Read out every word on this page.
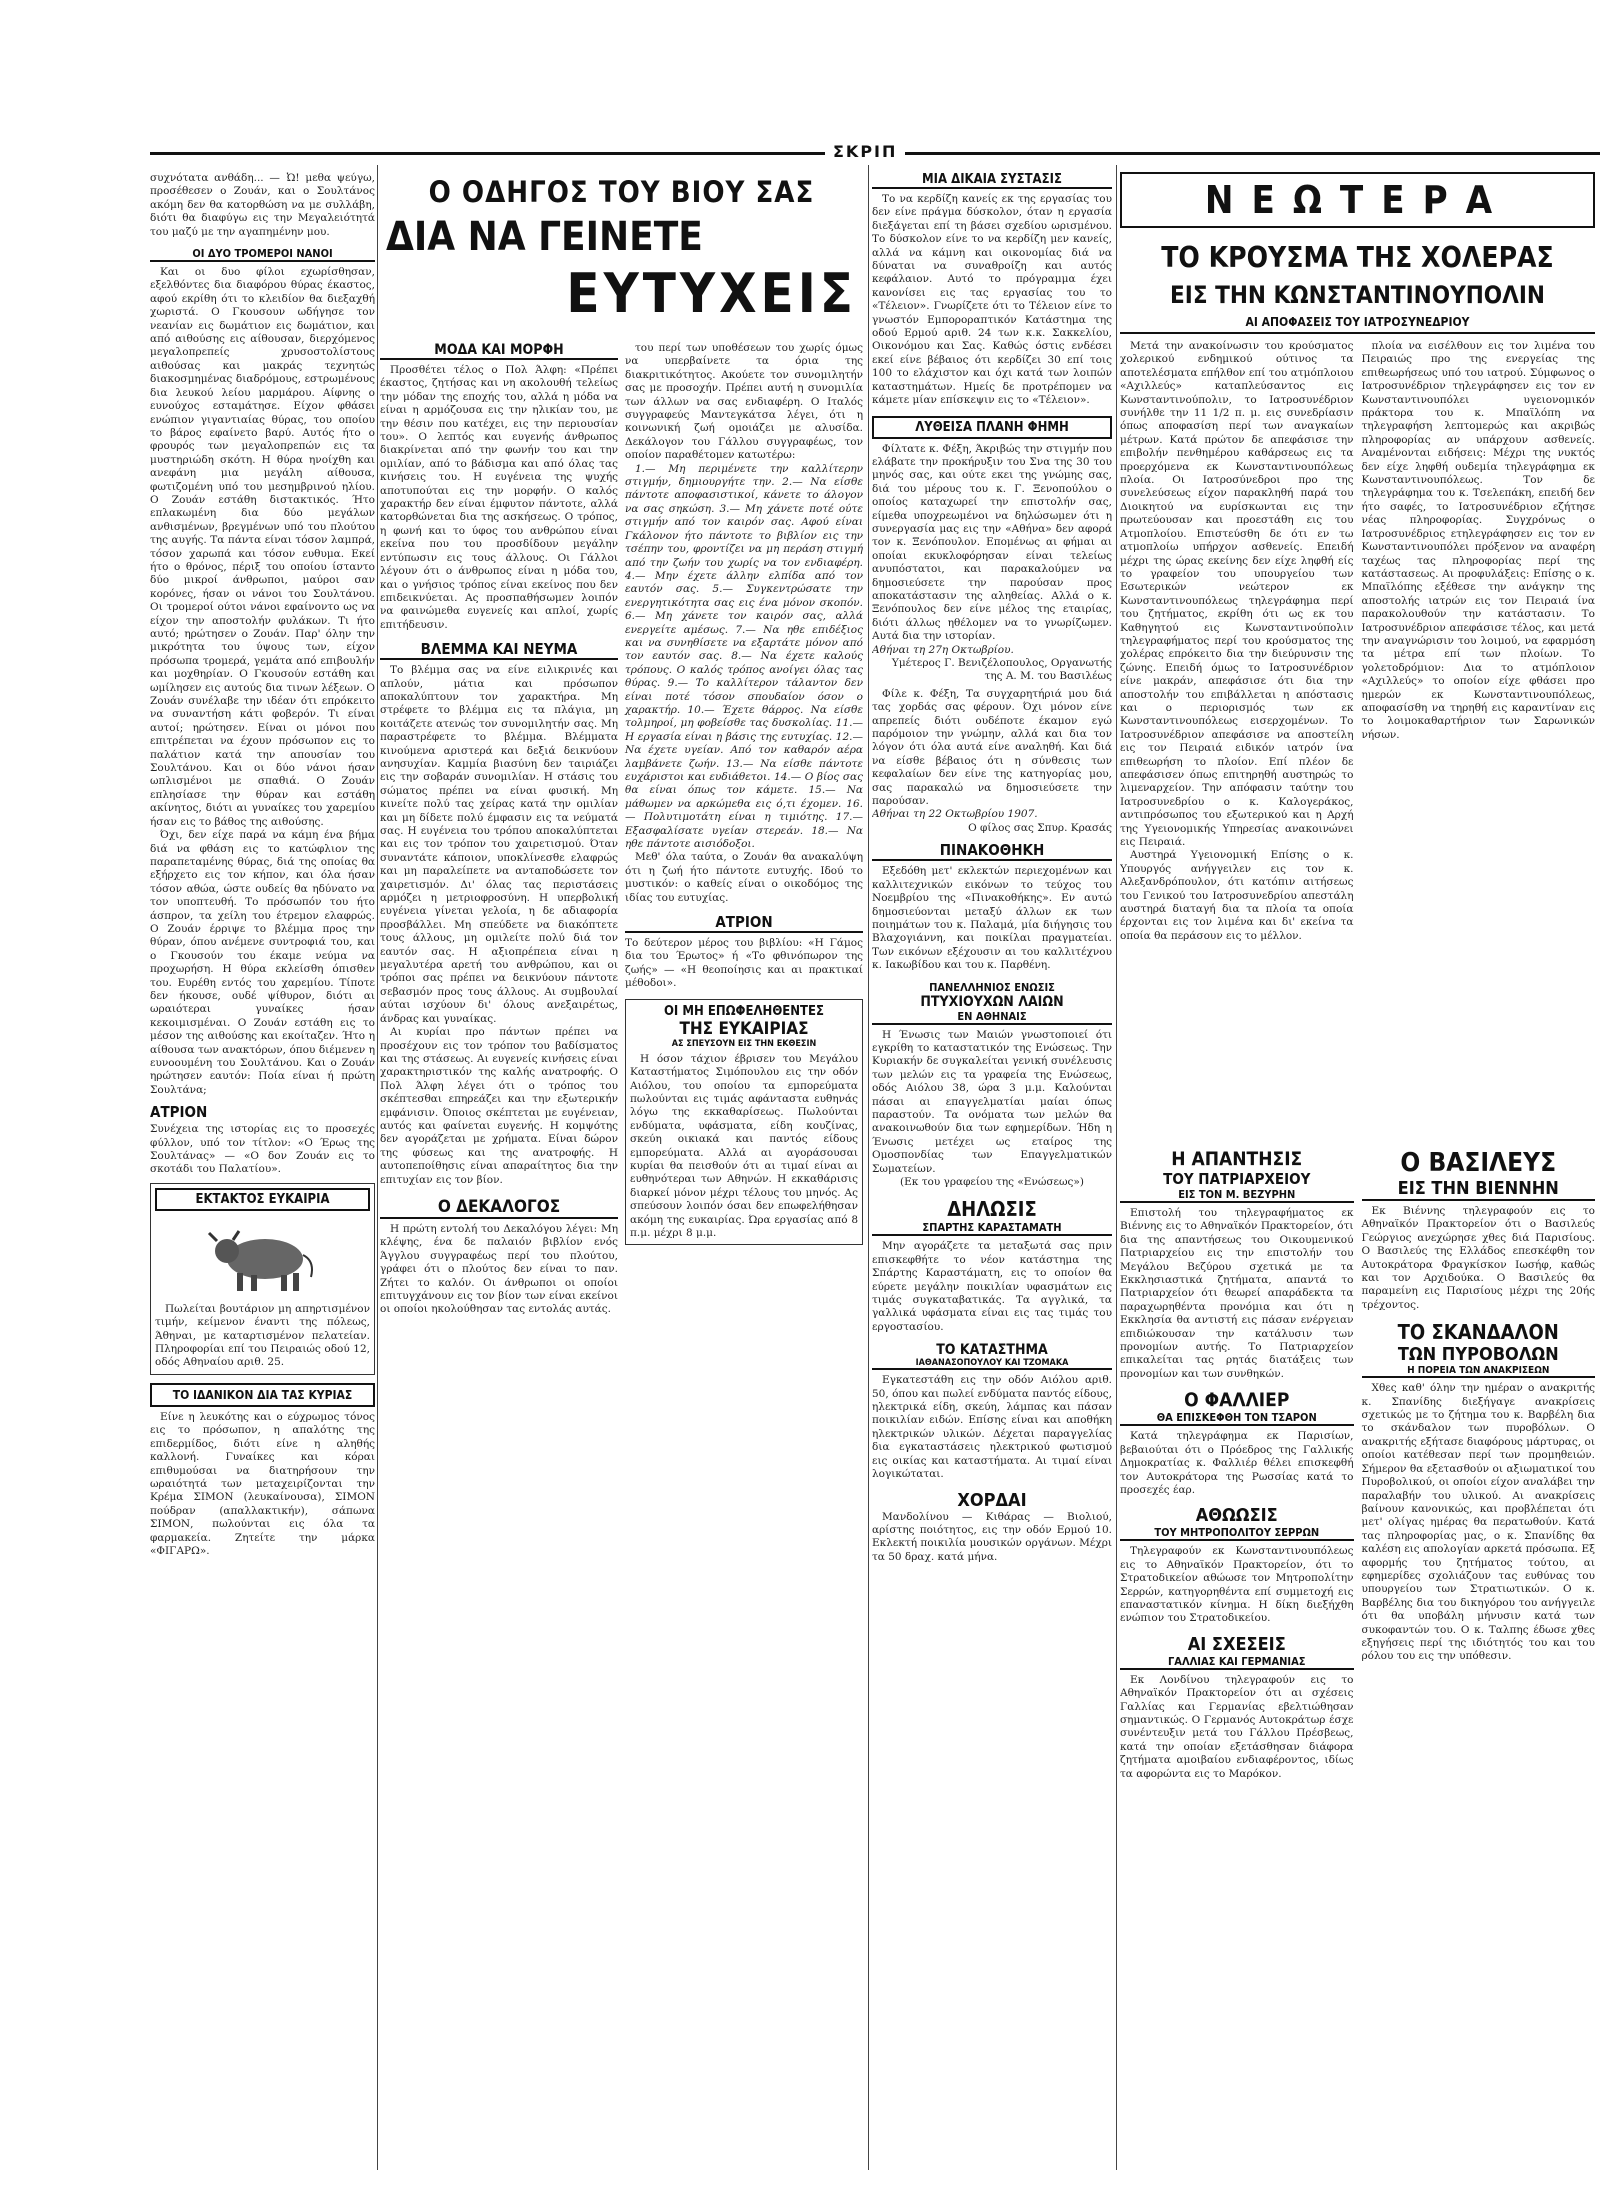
ΣΚΡΙΠ

συχνότατα ανθάδη... — Ὦ! μεθα ψεύγω, προσέθεσεν ο Ζουάν, και ο Σουλτάνος ακόμη δεν θα κατορθώση να με συλλάβη, διότι θα διαφύγω εις την Μεγαλειότητά του μαζύ με την αγαπημένην μου.

ΟΙ ΔΥΟ ΤΡΟΜΕΡΟΙ ΝΑΝΟΙ

Και οι δυο φίλοι εχωρίσθησαν, εξελθόντες δια διαφόρου θύρας έκαστος, αφού εκρίθη ότι το κλειδίον θα διεξαχθή χωριστά. Ο Γκουσουν ωδήγησε τον νεανίαν εις δωμάτιον εις δωμάτιον, και από αιθούσης εις αίθουσαν, διερχόμενος μεγαλοπρεπείς χρυσοστολίστους αιθούσας και μακράς τεχνητώς διακοσμημένας διαδρόμους, εστρωμένους δια λευκού λείου μαρμάρου. Αίφνης ο ευνούχος εσταμάτησε. Είχον φθάσει ενώπιον γιγαντιαίας θύρας, του οποίου το βάρος εφαίνετο βαρύ. Αυτός ήτο ο φρουρός των μεγαλοπρεπών εις τα μυστηριώδη σκότη. Η θύρα ηνοίχθη και ανεφάνη μια μεγάλη αίθουσα, φωτιζομένη υπό του μεσημβρινού ηλίου. Ο Ζουάν εστάθη διστακτικός. Ήτο επλακωμένη δια δύο μεγάλων ανθισμένων, βρεγμένων υπό του πλούτου της αυγής. Τα πάντα είναι τόσον λαμπρά, τόσον χαρωπά και τόσον ευθυμα. Εκεί ήτο ο θρόνος, πέριξ του οποίου ίσταντο δύο μικροί άνθρωποι, μαύροι σαν κορόνες, ήσαν οι νάνοι του Σουλτάνου. Οι τρομεροί ούτοι νάνοι εφαίνοντο ως να είχον την αποστολήν φυλάκων. Τι ήτο αυτό; ηρώτησεν ο Ζουάν. Παρ' όλην την μικρότητα του ύψους των, είχον πρόσωπα τρομερά, γεμάτα από επιβουλήν και μοχθηρίαν. Ο Γκουσούν εστάθη και ωμίλησεν εις αυτούς δια τινων λέξεων. Ο Ζουάν συνέλαβε την ιδέαν ότι επρόκειτο να συναντήση κάτι φοβερόν. Τι είναι αυτοί; ηρώτησεν. Είναι οι μόνοι που επιτρέπεται να έχουν πρόσωπον εις το παλάτιον κατά την απουσίαν του Σουλτάνου. Και οι δύο νάνοι ήσαν ωπλισμένοι με σπαθιά. Ο Ζουάν επλησίασε την θύραν και εστάθη ακίνητος, διότι αι γυναίκες του χαρεμίου ήσαν εις το βάθος της αιθούσης.

Όχι, δεν είχε παρά να κάμη ένα βήμα διά να φθάση εις το κατώφλιον της παραπεταμένης θύρας, διά της οποίας θα εξήρχετο εις τον κήπον, και όλα ήσαν τόσον αθώα, ώστε ουδείς θα ηδύνατο να τον υποπτευθή. Το πρόσωπόν του ήτο άσπρον, τα χείλη του έτρεμον ελαφρώς. Ο Ζουάν έρριψε το βλέμμα προς την θύραν, όπου ανέμενε συντροφιά του, και ο Γκουσούν του έκαμε νεύμα να προχωρήση. Η θύρα εκλείσθη όπισθεν του. Ευρέθη εντός του χαρεμίου. Τίποτε δεν ήκουσε, ουδέ ψίθυρον, διότι αι ωραιότεραι γυναίκες ήσαν κεκοιμισμέναι. Ο Ζουάν εστάθη εις το μέσον της αιθούσης και εκοίταζεν. Ήτο η αίθουσα των ανακτόρων, όπου διέμενεν η ευνοουμένη του Σουλτάνου. Και ο Ζουάν ηρώτησεν εαυτόν: Ποία είναι ή πρώτη Σουλτάνα;

ΑΤΡΙΟΝ

Συνέχεια της ιστορίας εις το προσεχές φύλλον, υπό τον τίτλον: «Ο Έρως της Σουλτάνας» — «Ο δον Ζουάν εις το σκοτάδι του Παλατίου».

ΕΚΤΑΚΤΟΣ ΕΥΚΑΙΡΙΑ

Πωλείται βουτάριον μη απηρτισμένον τιμήν, κείμενον έναντι της πόλεως, Άθηναι, με καταρτισμένον πελατείαν. Πληροφορίαι επί του Πειραιώς οδού 12, οδός Αθηναίου αριθ. 25.

ΤΟ ΙΔΑΝΙΚΟΝ ΔΙΑ ΤΑΣ ΚΥΡΙΑΣ

Είνε η λευκότης και ο εύχρωμος τόνος εις το πρόσωπον, η απαλότης της επιδερμίδος, διότι είνε η αληθής καλλονή. Γυναίκες και κόραι επιθυμούσαι να διατηρήσουν την ωραιότητά των μεταχειρίζονται την Κρέμα ΣΙΜΟΝ (λευκαίνουσα), ΣΙΜΟΝ πούδραν (απαλλακτικήν), σάπωνα ΣΙΜΟΝ, πωλούνται εις όλα τα φαρμακεία. Ζητείτε την μάρκα «ΦΙΓΑΡΩ».

Ο ΟΔΗΓΟΣ ΤΟΥ ΒΙΟΥ ΣΑΣ
ΔΙΑ ΝΑ ΓΕΙΝΕΤΕ
ΕΥΤΥΧΕΙΣ
ΜΟΔΑ ΚΑΙ ΜΟΡΦΗ

Προσθέτει τέλος ο Πολ Άλφη: «Πρέπει έκαστος, ζητήσας και νη ακολουθή τελείως την μόδαν της εποχής του, αλλά η μόδα να είναι η αρμόζουσα εις την ηλικίαν του, με την θέσιν που κατέχει, εις την περιουσίαν του». Ο λεπτός και ευγενής άνθρωπος διακρίνεται από την φωνήν του και την ομιλίαν, από το βάδισμα και από όλας τας κινήσεις του. Η ευγένεια της ψυχής αποτυπούται εις την μορφήν. Ο καλός χαρακτήρ δεν είναι έμφυτον πάντοτε, αλλά κατορθώνεται δια της ασκήσεως. Ο τρόπος, η φωνή και το ύφος του ανθρώπου είναι εκείνα που του προσδίδουν μεγάλην εντύπωσιν εις τους άλλους. Οι Γάλλοι λέγουν ότι ο άνθρωπος είναι η μόδα του, και ο γνήσιος τρόπος είναι εκείνος που δεν επιδεικνύεται. Ας προσπαθήσωμεν λοιπόν να φαινώμεθα ευγενείς και απλοί, χωρίς επιτήδευσιν.

ΒΛΕΜΜΑ ΚΑΙ ΝΕΥΜΑ

Το βλέμμα σας να είνε ειλικρινές και απλούν, μάτια και πρόσωπον αποκαλύπτουν τον χαρακτήρα. Μη στρέφετε το βλέμμα εις τα πλάγια, μη κοιτάζετε ατενώς τον συνομιλητήν σας. Μη παραστρέφετε το βλέμμα. Βλέμματα κινούμενα αριστερά και δεξιά δεικνύουν ανησυχίαν. Καμμία βιασύνη δεν ταιριάζει εις την σοβαράν συνομιλίαν. Η στάσις του σώματος πρέπει να είναι φυσική. Μη κινείτε πολύ τας χείρας κατά την ομιλίαν και μη δίδετε πολύ έμφασιν εις τα νεύματά σας. Η ευγένεια του τρόπου αποκαλύπτεται και εις τον τρόπον του χαιρετισμού. Όταν συναντάτε κάποιον, υποκλίνεσθε ελαφρώς και μη παραλείπετε να ανταποδώσετε τον χαιρετισμόν. Δι' όλας τας περιστάσεις αρμόζει η μετριοφροσύνη. Η υπερβολική ευγένεια γίνεται γελοία, η δε αδιαφορία προσβάλλει. Μη σπεύδετε να διακόπτετε τους άλλους, μη ομιλείτε πολύ διά τον εαυτόν σας. Η αξιοπρέπεια είναι η μεγαλυτέρα αρετή του ανθρώπου, και οι τρόποι σας πρέπει να δεικνύουν πάντοτε σεβασμόν προς τους άλλους. Αι συμβουλαί αύται ισχύουν δι' όλους ανεξαιρέτως, άνδρας και γυναίκας.

Αι κυρίαι προ πάντων πρέπει να προσέχουν εις τον τρόπον του βαδίσματος και της στάσεως. Αι ευγενείς κινήσεις είναι χαρακτηριστικόν της καλής ανατροφής. Ο Πολ Άλφη λέγει ότι ο τρόπος του σκέπτεσθαι επηρεάζει και την εξωτερικήν εμφάνισιν. Όποιος σκέπτεται με ευγένειαν, αυτός και φαίνεται ευγενής. Η κομψότης δεν αγοράζεται με χρήματα. Είναι δώρον της φύσεως και της ανατροφής. Η αυτοπεποίθησις είναι απαραίτητος δια την επιτυχίαν εις τον βίον.

Ο ΔΕΚΑΛΟΓΟΣ

Η πρώτη εντολή του Δεκαλόγου λέγει: Μη κλέψης, ένα δε παλαιόν βιβλίον ενός Άγγλου συγγραφέως περί του πλούτου, γράφει ότι ο πλούτος δεν είναι το παν. Ζήτει το καλόν. Οι άνθρωποι οι οποίοι επιτυγχάνουν εις τον βίον των είναι εκείνοι οι οποίοι ηκολούθησαν τας εντολάς αυτάς.

του περί των υποθέσεων του χωρίς όμως να υπερβαίνετε τα όρια της διακριτικότητος. Ακούετε τον συνομιλητήν σας με προσοχήν. Πρέπει αυτή η συνομιλία των άλλων να σας ενδιαφέρη. Ο Ιταλός συγγραφεύς Μαντεγκάτσα λέγει, ότι η κοινωνική ζωή ομοιάζει με αλυσίδα. Δεκάλογον του Γάλλου συγγραφέως, τον οποίον παραθέτομεν κατωτέρω:

1.— Μη περιμένετε την καλλίτερην στιγμήν, δημιουργήτε την. 2.— Να είσθε πάντοτε αποφασιστικοί, κάνετε το άλογον να σας σηκώση. 3.— Μη χάνετε ποτέ ούτε στιγμήν από τον καιρόν σας. Αφού είναι Γκάλονον ήτο πάντοτε το βιβλίον εις την τσέπην του, φροντίζει να μη περάση στιγμή από την ζωήν του χωρίς να τον ενδιαφέρη. 4.— Μην έχετε άλλην ελπίδα από τον εαυτόν σας. 5.— Συγκεντρώσατε την ενεργητικότητα σας εις ένα μόνον σκοπόν. 6.— Μη χάνετε τον καιρόν σας, αλλά ενεργείτε αμέσως. 7.— Να ηθε επιδέξιος και να συνηθίσετε να εξαρτάτε μόνον από τον εαυτόν σας. 8.— Να έχετε καλούς τρόπους. Ο καλός τρόπος ανοίγει όλας τας θύρας. 9.— Το καλλίτερον τάλαντον δεν είναι ποτέ τόσον σπουδαίον όσον ο χαρακτήρ. 10.— Έχετε θάρρος. Να είσθε τολμηροί, μη φοβείσθε τας δυσκολίας. 11.— Η εργασία είναι η βάσις της ευτυχίας. 12.— Να έχετε υγείαν. Από τον καθαρόν αέρα λαμβάνετε ζωήν. 13.— Να είσθε πάντοτε ευχάριστοι και ευδιάθετοι. 14.— Ο βίος σας θα είναι όπως τον κάμετε. 15.— Να μάθωμεν να αρκώμεθα εις ό,τι έχομεν. 16.— Πολυτιμοτάτη είναι η τιμιότης. 17.— Εξασφαλίσατε υγείαν στερεάν. 18.— Να ηθε πάντοτε αισιόδοξοι.

Μεθ' όλα ταύτα, ο Ζουάν θα ανακαλύψη ότι η ζωή ήτο πάντοτε ευτυχής. Ιδού το μυστικόν: ο καθείς είναι ο οικοδόμος της ιδίας του ευτυχίας.

ΑΤΡΙΟΝ

Το δεύτερον μέρος του βιβλίου: «Η Γάμος δια του Έρωτος» ή «Το φθινόπωρον της ζωής» — «Η θεοποίησις και αι πρακτικαί μέθοδοι».

ΟΙ ΜΗ ΕΠΩΦΕΛΗΘΕΝΤΕΣ
ΤΗΣ ΕΥΚΑΙΡΙΑΣ
ΑΣ ΣΠΕΥΣΟΥΝ ΕΙΣ ΤΗΝ ΕΚΘΕΣΙΝ

Η όσον τάχιον έβρισεν του Μεγάλου Καταστήματος Σιμόπουλου εις την οδόν Αιόλου, του οποίου τα εμπορεύματα πωλούνται εις τιμάς αφάνταστα ευθηνάς λόγω της εκκαθαρίσεως. Πωλούνται ενδύματα, υφάσματα, είδη κουζίνας, σκεύη οικιακά και παντός είδους εμπορεύματα. Αλλά αι αγοράσουσαι κυρίαι θα πεισθούν ότι αι τιμαί είναι αι ευθηνότεραι των Αθηνών. Η εκκαθάρισις διαρκεί μόνον μέχρι τέλους του μηνός. Ας σπεύσουν λοιπόν όσαι δεν επωφελήθησαν ακόμη της ευκαιρίας. Ώρα εργασίας από 8 π.μ. μέχρι 8 μ.μ.

ΜΙΑ ΔΙΚΑΙΑ ΣΥΣΤΑΣΙΣ

Το να κερδίζη κανείς εκ της εργασίας του δεν είνε πράγμα δύσκολον, όταν η εργασία διεξάγεται επί τη βάσει σχεδίου ωρισμένου. Το δύσκολον είνε το να κερδίζη μεν κανείς, αλλά να κάμνη και οικονομίας διά να δύναται να συναθροίζη και αυτός κεφάλαιον. Αυτό το πρόγραμμα έχει κανονίσει εις τας εργασίας του το «Τέλειον». Γνωρίζετε ότι το Τέλειον είνε το γνωστόν Εμποροραπτικόν Κατάστημα της οδού Ερμού αριθ. 24 των κ.κ. Σακκελίου, Οικονόμου και Σας. Καθώς όστις ενδέσει εκεί είνε βέβαιος ότι κερδίζει 30 επί τοις 100 το ελάχιστον και όχι κατά των λοιπών καταστημάτων. Ημείς δε προτρέπομεν να κάμετε μίαν επίσκεψιν εις το «Τέλειον».

ΛΥΘΕΙΣΑ ΠΛΑΝΗ ΦΗΜΗ

Φίλτατε κ. Φέξη, Άκριβώς την στιγμήν που ελάβατε την προκήρυξιν του Σνα της 30 του μηνός σας, και ούτε εκει της γνώμης σας, διά του μέρους του κ. Γ. Ξενοπούλου ο οποίος καταχωρεί την επιστολήν σας, είμεθα υποχρεωμένοι να δηλώσωμεν ότι η συνεργασία μας εις την «Αθήνα» δεν αφορά τον κ. Ξενόπουλον. Επομένως αι φήμαι αι οποίαι εκυκλοφόρησαν είναι τελείως ανυπόστατοι, και παρακαλούμεν να δημοσιεύσετε την παρούσαν προς αποκατάστασιν της αληθείας. Αλλά ο κ. Ξενόπουλος δεν είνε μέλος της εταιρίας, διότι άλλως ηθέλομεν να το γνωρίζωμεν. Αυτά δια την ιστορίαν.

Αθήναι τη 27η Οκτωβρίου.

Υμέτερος Γ. Βενιζέλοπουλος, Οργανωτής της Α. Μ. του Βασιλέως

Φίλε κ. Φέξη, Τα συγχαρητήριά μου διά τας χορδάς σας φέρουν. Όχι μόνον είνε απρεπείς διότι ουδέποτε έκαμον εγώ παρόμοιον την γνώμην, αλλά και δια τον λόγον ότι όλα αυτά είνε αναληθή. Και διά να είσθε βέβαιος ότι η σύνθεσις των κεφαλαίων δεν είνε της κατηγορίας μου, σας παρακαλώ να δημοσιεύσετε την παρούσαν.

Αθήναι τη 22 Οκτωβρίου 1907.

Ο φίλος σας Σπυρ. Κρασάς

ΠΙΝΑΚΟΘΗΚΗ

Εξεδόθη μετ' εκλεκτών περιεχομένων και καλλιτεχνικών εικόνων το τεύχος του Νοεμβρίου της «Πινακοθήκης». Εν αυτώ δημοσιεύονται μεταξύ άλλων εκ των ποιημάτων του κ. Παλαμά, μία διήγησις του Βλαχογιάννη, και ποικίλαι πραγματείαι. Των εικόνων εξέχουσιν αι του καλλιτέχνου κ. Ιακωβίδου και του κ. Παρθένη.

ΠΑΝΕΛΛΗΝΙΟΣ ΕΝΩΣΙΣ
ΠΤΥΧΙΟΥΧΩΝ ΛΑΙΩΝ
ΕΝ ΑΘΗΝΑΙΣ

Η Ένωσις των Μαιών γνωστοποιεί ότι εγκρίθη το καταστατικόν της Ενώσεως. Την Κυριακήν δε συγκαλείται γενική συνέλευσις των μελών εις τα γραφεία της Ενώσεως, οδός Αιόλου 38, ώρα 3 μ.μ. Καλούνται πάσαι αι επαγγελματίαι μαίαι όπως παραστούν. Τα ονόματα των μελών θα ανακοινωθούν δια των εφημερίδων. Ήδη η Ένωσις μετέχει ως εταίρος της Ομοσπονδίας των Επαγγελματικών Σωματείων.

(Εκ του γραφείου της «Ενώσεως»)

ΔΗΛΩΣΙΣ
ΣΠΑΡΤΗΣ ΚΑΡΑΣΤΑΜΑΤΗ

Μην αγοράζετε τα μεταξωτά σας πριν επισκεφθήτε το νέον κατάστημα της Σπάρτης Καραστάματη, εις το οποίον θα εύρετε μεγάλην ποικιλίαν υφασμάτων εις τιμάς συγκαταβατικάς. Τα αγγλικά, τα γαλλικά υφάσματα είναι εις τας τιμάς του εργοστασίου.

ΤΟ ΚΑΤΑΣΤΗΜΑ
ΙΑΘΑΝΑΣΟΠΟΥΛΟΥ ΚΑΙ ΤΖΟΜΑΚΑ

Εγκατεστάθη εις την οδόν Αιόλου αριθ. 50, όπου και πωλεί ενδύματα παντός είδους, ηλεκτρικά είδη, σκεύη, λάμπας και πάσαν ποικιλίαν ειδών. Επίσης είναι και αποθήκη ηλεκτρικών υλικών. Δέχεται παραγγελίας δια εγκαταστάσεις ηλεκτρικού φωτισμού εις οικίας και καταστήματα. Αι τιμαί είναι λογικώταται.

ΧΟΡΔΑΙ

Μανδολίνου — Κιθάρας — Βιολιού, αρίστης ποιότητος, εις την οδόν Ερμού 10. Εκλεκτή ποικιλία μουσικών οργάνων. Μέχρι τα 50 δραχ. κατά μήνα.

ΝΕΩΤΕΡΑ
ΤΟ ΚΡΟΥΣΜΑ ΤΗΣ ΧΟΛΕΡΑΣ
ΕΙΣ ΤΗΝ ΚΩΝΣΤΑΝΤΙΝΟΥΠΟΛΙΝ
ΑΙ ΑΠΟΦΑΣΕΙΣ ΤΟΥ ΙΑΤΡΟΣΥΝΕΔΡΙΟΥ

Μετά την ανακοίνωσιν του κρούσματος χολερικού ενδημικού ούτινος τα αποτελέσματα επήλθον επί του ατμόπλοιου «Αχιλλεύς» καταπλεύσαντος εις Κωνσταντινούπολιν, το Ιατροσυνέδριον συνήλθε την 11 1/2 π. μ. εις συνεδρίασιν όπως αποφασίση περί των αναγκαίων μέτρων. Κατά πρώτον δε απεφάσισε την επιβολήν πενθημέρου καθάρσεως εις τα προερχόμενα εκ Κωνσταντινουπόλεως πλοία. Οι Ιατροσύνεδροι προ της συνελεύσεως είχον παρακληθή παρά του Διοικητού να ευρίσκωνται εις την πρωτεύουσαν και προεστάθη εις του Ατμοπλοίου. Επιστεύσθη δε ότι εν τω ατμοπλοίω υπήρχον ασθενείς. Επειδή μέχρι της ώρας εκείνης δεν είχε ληφθή είς το γραφείον του υπουργείου των Εσωτερικών νεώτερον εκ Κωνσταντινουπόλεως τηλεγράφημα περί του ζητήματος, εκρίθη ότι ως εκ του Καθηγητού εις Κωνσταντινούπολιν τηλεγραφήματος περί του κρούσματος της χολέρας επρόκειτο δια την διεύρυνσιν της ζώνης. Επειδή όμως το Ιατροσυνέδριον είνε μακράν, απεφάσισε ότι δια την αποστολήν του επιβάλλεται η απόστασις και ο περιορισμός των εκ Κωνσταντινουπόλεως εισερχομένων. Το Ιατροσυνέδριον απεφάσισε να αποστείλη εις τον Πειραιά ειδικόν ιατρόν ίνα επιθεωρήση το πλοίον. Επί πλέον δε απεφάσισεν όπως επιτηρηθή αυστηρώς το λιμεναρχείον. Την απόφασιν ταύτην του Ιατροσυνεδρίου ο κ. Καλογεράκος, αντιπρόσωπος του εξωτερικού και η Αρχή της Υγειονομικής Υπηρεσίας ανακοινώνει εις Πειραιά.

Αυστηρά Υγειονομική Επίσης ο κ. Υπουργός ανήγγειλεν εις τον κ. Αλεξανδρόπουλον, ότι κατόπιν αιτήσεως του Γενικού του Ιατροσυνεδρίου απεστάλη αυστηρά διαταγή δια τα πλοία τα οποία έρχονται εις τον λιμένα και δι' εκείνα τα οποία θα περάσουν εις το μέλλον.

πλοία να εισέλθουν εις τον λιμένα του Πειραιώς προ της ενεργείας της επιθεωρήσεως υπό του ιατρού. Σύμφωνος ο Ιατροσυνέδριον τηλεγράφησεν εις τον εν Κωνσταντινουπόλει υγειονομικόν πράκτορα του κ. Μπαϊλόπη να τηλεγραφήση λεπτομερώς και ακριβώς πληροφορίας αν υπάρχουν ασθενείς. Αναμένονται ειδήσεις: Μέχρι της νυκτός δεν είχε ληφθή ουδεμία τηλεγράφημα εκ Κωνσταντινουπόλεως. Τον δε τηλεγράφημα του κ. Τσελεπάκη, επειδή δεν ήτο σαφές, το Ιατροσυνέδριον εζήτησε νέας πληροφορίας. Συγχρόνως ο Ιατροσυνέδριος ετηλεγράφησεν εις τον εν Κωνσταντινουπόλει πρόξενον να αναφέρη ταχέως τας πληροφορίας περί της κατάστασεως. Αι προφυλάξεις: Επίσης ο κ. Μπαϊλόπης εξέθεσε την ανάγκην της αποστολής ιατρών εις τον Πειραιά ίνα παρακολουθούν την κατάστασιν. Το Ιατροσυνέδριον απεφάσισε τέλος, και μετά την αναγνώρισιν του λοιμού, να εφαρμόση τα μέτρα επί των πλοίων. Το γολετοδρόμιον: Δια το ατμόπλοιον «Αχιλλεύς» το οποίον είχε φθάσει προ ημερών εκ Κωνσταντινουπόλεως, αποφασίσθη να τηρηθή εις καραντίναν εις το λοιμοκαθαρτήριον των Σαρωνικών νήσων.

Η ΑΠΑΝΤΗΣΙΣ
ΤΟΥ ΠΑΤΡΙΑΡΧΕΙΟΥ
ΕΙΣ ΤΟΝ Μ. ΒΕΖΥΡΗΝ

Επιστολή του τηλεγραφήματος εκ Βιέννης εις το Αθηναϊκόν Πρακτορείον, ότι δια της απαντήσεως του Οικουμενικού Πατριαρχείου εις την επιστολήν του Μεγάλου Βεζύρου σχετικά με τα Εκκλησιαστικά ζητήματα, απαντά το Πατριαρχείον ότι θεωρεί απαράδεκτα τα παραχωρηθέντα προνόμια και ότι η Εκκλησία θα αντιστή εις πάσαν ενέργειαν επιδιώκουσαν την κατάλυσιν των προνομίων αυτής. Το Πατριαρχείον επικαλείται τας ρητάς διατάξεις των προνομίων και των συνθηκών.

Ο ΦΑΛΛΙΕΡ
ΘΑ ΕΠΙΣΚΕΦΘΗ ΤΟΝ ΤΣΑΡΟΝ

Κατά τηλεγράφημα εκ Παρισίων, βεβαιούται ότι ο Πρόεδρος της Γαλλικής Δημοκρατίας κ. Φαλλιέρ θέλει επισκεφθή τον Αυτοκράτορα της Ρωσσίας κατά το προσεχές έαρ.

ΑΘΩΩΣΙΣ
ΤΟΥ ΜΗΤΡΟΠΟΛΙΤΟΥ ΣΕΡΡΩΝ

Τηλεγραφούν εκ Κωνσταντινουπόλεως εις το Αθηναϊκόν Πρακτορείον, ότι το Στρατοδικείον αθώωσε τον Μητροπολίτην Σερρών, κατηγορηθέντα επί συμμετοχή εις επαναστατικόν κίνημα. Η δίκη διεξήχθη ενώπιον του Στρατοδικείου.

ΑΙ ΣΧΕΣΕΙΣ
ΓΑΛΛΙΑΣ ΚΑΙ ΓΕΡΜΑΝΙΑΣ

Εκ Λονδίνου τηλεγραφούν εις το Αθηναϊκόν Πρακτορείον ότι αι σχέσεις Γαλλίας και Γερμανίας εβελτιώθησαν σημαντικώς. Ο Γερμανός Αυτοκράτωρ έσχε συνέντευξιν μετά του Γάλλου Πρέσβεως, κατά την οποίαν εξετάσθησαν διάφορα ζητήματα αμοιβαίου ενδιαφέροντος, ιδίως τα αφορώντα εις το Μαρόκον.

Ο ΒΑΣΙΛΕΥΣ
ΕΙΣ ΤΗΝ ΒΙΕΝΝΗΝ

Εκ Βιέννης τηλεγραφούν εις το Αθηναϊκόν Πρακτορείον ότι ο Βασιλεύς Γεώργιος ανεχώρησε χθες διά Παρισίους. Ο Βασιλεύς της Ελλάδος επεσκέφθη τον Αυτοκράτορα Φραγκίσκον Ιωσήφ, καθώς και τον Αρχιδούκα. Ο Βασιλεύς θα παραμείνη εις Παρισίους μέχρι της 20ής τρέχοντος.

ΤΟ ΣΚΑΝΔΑΛΟΝ
ΤΩΝ ΠΥΡΟΒΟΛΩΝ
Η ΠΟΡΕΙΑ ΤΩΝ ΑΝΑΚΡΙΣΕΩΝ

Χθες καθ' όλην την ημέραν ο ανακριτής κ. Σπανίδης διεξήγαγε ανακρίσεις σχετικώς με το ζήτημα του κ. Βαρβέλη δια το σκάνδαλον των πυροβόλων. Ο ανακριτής εξήτασε διαφόρους μάρτυρας, οι οποίοι κατέθεσαν περί των προμηθειών. Σήμερον θα εξετασθούν οι αξιωματικοί του Πυροβολικού, οι οποίοι είχον αναλάβει την παραλαβήν του υλικού. Αι ανακρίσεις βαίνουν κανονικώς, και προβλέπεται ότι μετ' ολίγας ημέρας θα περατωθούν. Κατά τας πληροφορίας μας, ο κ. Σπανίδης θα καλέση εις απολογίαν αρκετά πρόσωπα. Εξ αφορμής του ζητήματος τούτου, αι εφημερίδες σχολιάζουν τας ευθύνας του υπουργείου των Στρατιωτικών. Ο κ. Βαρβέλης δια του δικηγόρου του ανήγγειλε ότι θα υποβάλη μήνυσιν κατά των συκοφαντών του. Ο κ. Ταλπης έδωσε χθες εξηγήσεις περί της ιδιότητός του και του ρόλου του εις την υπόθεσιν.
